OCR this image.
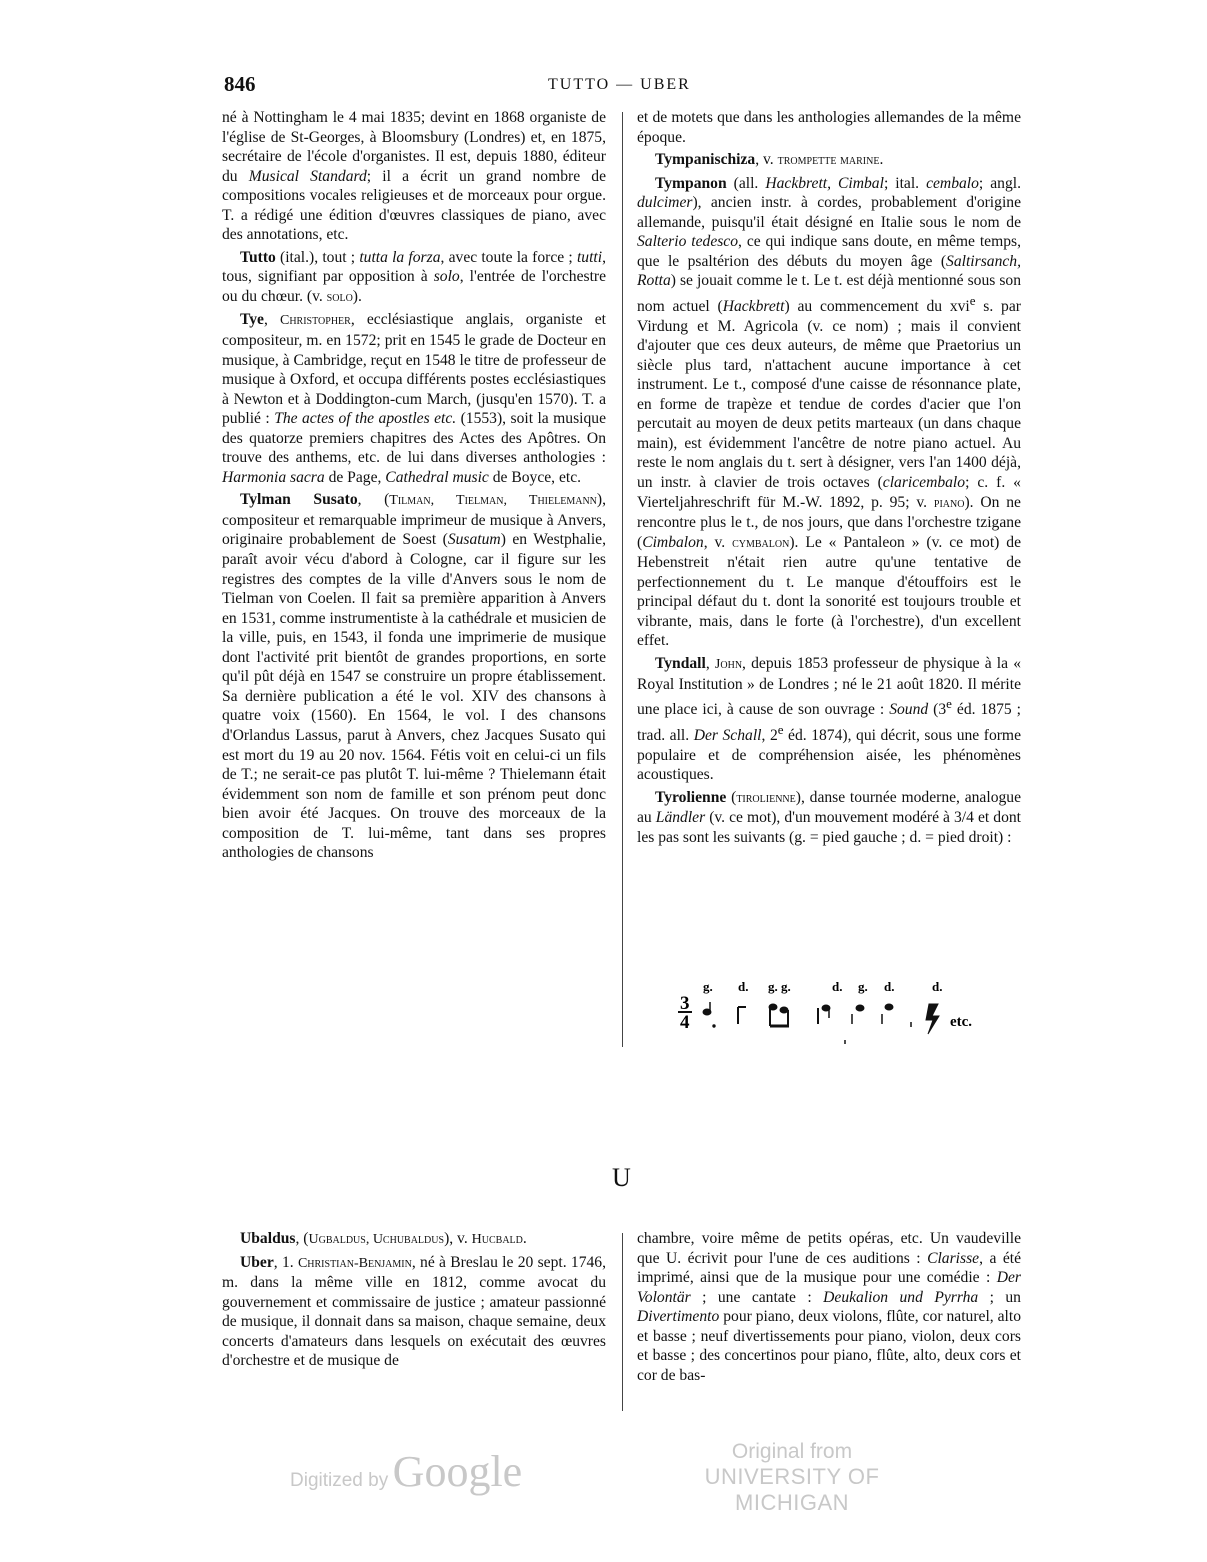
846	TUTTO — UBER

né à Nottingham le 4 mai 1835; devint en 1868 organiste de l'église de St-Georges, à Bloomsbury (Londres) et, en 1875, secrétaire de l'école d'organistes. Il est, depuis 1880, éditeur du Musical Standard; il a écrit un grand nombre de compositions vocales religieuses et de morceaux pour orgue. T. a rédigé une édition d'œuvres classiques de piano, avec des annotations, etc.

Tutto (ital.), tout ; tutta la forza, avec toute la force ; tutti, tous, signifiant par opposition à solo, l'entrée de l'orchestre ou du chœur. (v. solo).

Tye, Christopher, ecclésiastique anglais, organiste et compositeur, m. en 1572; prit en 1545 le grade de Docteur en musique, à Cambridge, reçut en 1548 le titre de professeur de musique à Oxford, et occupa différents postes ecclésiastiques à Newton et à Doddington-cum March, (jusqu'en 1570). T. a publié : The actes of the apostles etc. (1553), soit la musique des quatorze premiers chapitres des Actes des Apôtres. On trouve des anthems, etc. de lui dans diverses anthologies : Harmonia sacra de Page, Cathedral music de Boyce, etc.

Tylman Susato, (Tilman, Tielman, Thielemann), compositeur et remarquable imprimeur de musique à Anvers, originaire probablement de Soest (Susatum) en Westphalie, paraît avoir vécu d'abord à Cologne, car il figure sur les registres des comptes de la ville d'Anvers sous le nom de Tielman von Coelen. Il fait sa première apparition à Anvers en 1531, comme instrumentiste à la cathédrale et musicien de la ville, puis, en 1543, il fonda une imprimerie de musique dont l'activité prit bientôt de grandes proportions, en sorte qu'il pût déjà en 1547 se construire un propre établissement. Sa dernière publication a été le vol. XIV des chansons à quatre voix (1560). En 1564, le vol. I des chansons d'Orlandus Lassus, parut à Anvers, chez Jacques Susato qui est mort du 19 au 20 nov. 1564. Fétis voit en celui-ci un fils de T.; ne serait-ce pas plutôt T. lui-même ? Thielemann était évidemment son nom de famille et son prénom peut donc bien avoir été Jacques. On trouve des morceaux de la composition de T. lui-même, tant dans ses propres anthologies de chansons

et de motets que dans les anthologies allemandes de la même époque.

Tympanischiza, v. trompette marine.

Tympanon (all. Hackbrett, Cimbal; ital. cembalo; angl. dulcimer), ancien instr. à cordes, probablement d'origine allemande, puisqu'il était désigné en Italie sous le nom de Salterio tedesco, ce qui indique sans doute, en même temps, que le psaltérion des débuts du moyen âge (Saltirsanch, Rotta) se jouait comme le t. Le t. est déjà mentionné sous son nom actuel (Hackbrett) au commencement du xvi$^e$ s. par Virdung et M. Agricola (v. ce nom) ; mais il convient d'ajouter que ces deux auteurs, de même que Praetorius un siècle plus tard, n'attachent aucune importance à cet instrument. Le t., composé d'une caisse de résonnance plate, en forme de trapèze et tendue de cordes d'acier que l'on percutait au moyen de deux petits marteaux (un dans chaque main), est évidemment l'ancêtre de notre piano actuel. Au reste le nom anglais du t. sert à désigner, vers l'an 1400 déjà, un instr. à clavier de trois octaves (claricembalo; c. f. « Vierteljahreschrift für M.-W. 1892, p. 95; v. piano). On ne rencontre plus le t., de nos jours, que dans l'orchestre tzigane (Cimbalon, v. cymbalon). Le « Pantaleon » (v. ce mot) de Hebenstreit n'était rien autre qu'une tentative de perfectionnement du t. Le manque d'étouffoirs est le principal défaut du t. dont la sonorité est toujours trouble et vibrante, mais, dans le forte (à l'orchestre), d'un excellent effet.

Tyndall, John, depuis 1853 professeur de physique à la « Royal Institution » de Londres ; né le 21 août 1820. Il mérite une place ici, à cause de son ouvrage : Sound (3e éd. 1875 ; trad. all. Der Schall, 2e éd. 1874), qui décrit, sous une forme populaire et de compréhension aisée, les phénomènes acoustiques.

Tyrolienne (tirolienne), danse tournée moderne, analogue au Ländler (v. ce mot), d'un mouvement modéré à 3/4 et dont les pas sont les suivants (g. = pied gauche ; d. = pied droit) :

3
4
g. d. g. g.	d. g. d.	d.
etc.
U

Ubaldus, (Ugbaldus, Uchubaldus), v. Hucbald.

Uber, 1. Christian-Benjamin, né à Breslau le 20 sept. 1746, m. dans la même ville en 1812, comme avocat du gouvernement et commissaire de justice ; amateur passionné de musique, il donnait dans sa maison, chaque semaine, deux concerts d'amateurs dans lesquels on exécutait des œuvres d'orchestre et de musique de

chambre, voire même de petits opéras, etc. Un vaudeville que U. écrivit pour l'une de ces auditions : Clarisse, a été imprimé, ainsi que de la musique pour une comédie : Der Volontär ; une cantate : Deukalion und Pyrrha ; un Divertimento pour piano, deux violons, flûte, cor naturel, alto et basse ; neuf divertissements pour piano, violon, deux cors et basse ; des concertinos pour piano, flûte, alto, deux cors et cor de bas-

Digitized by Google	Original from
UNIVERSITY OF MICHIGAN
